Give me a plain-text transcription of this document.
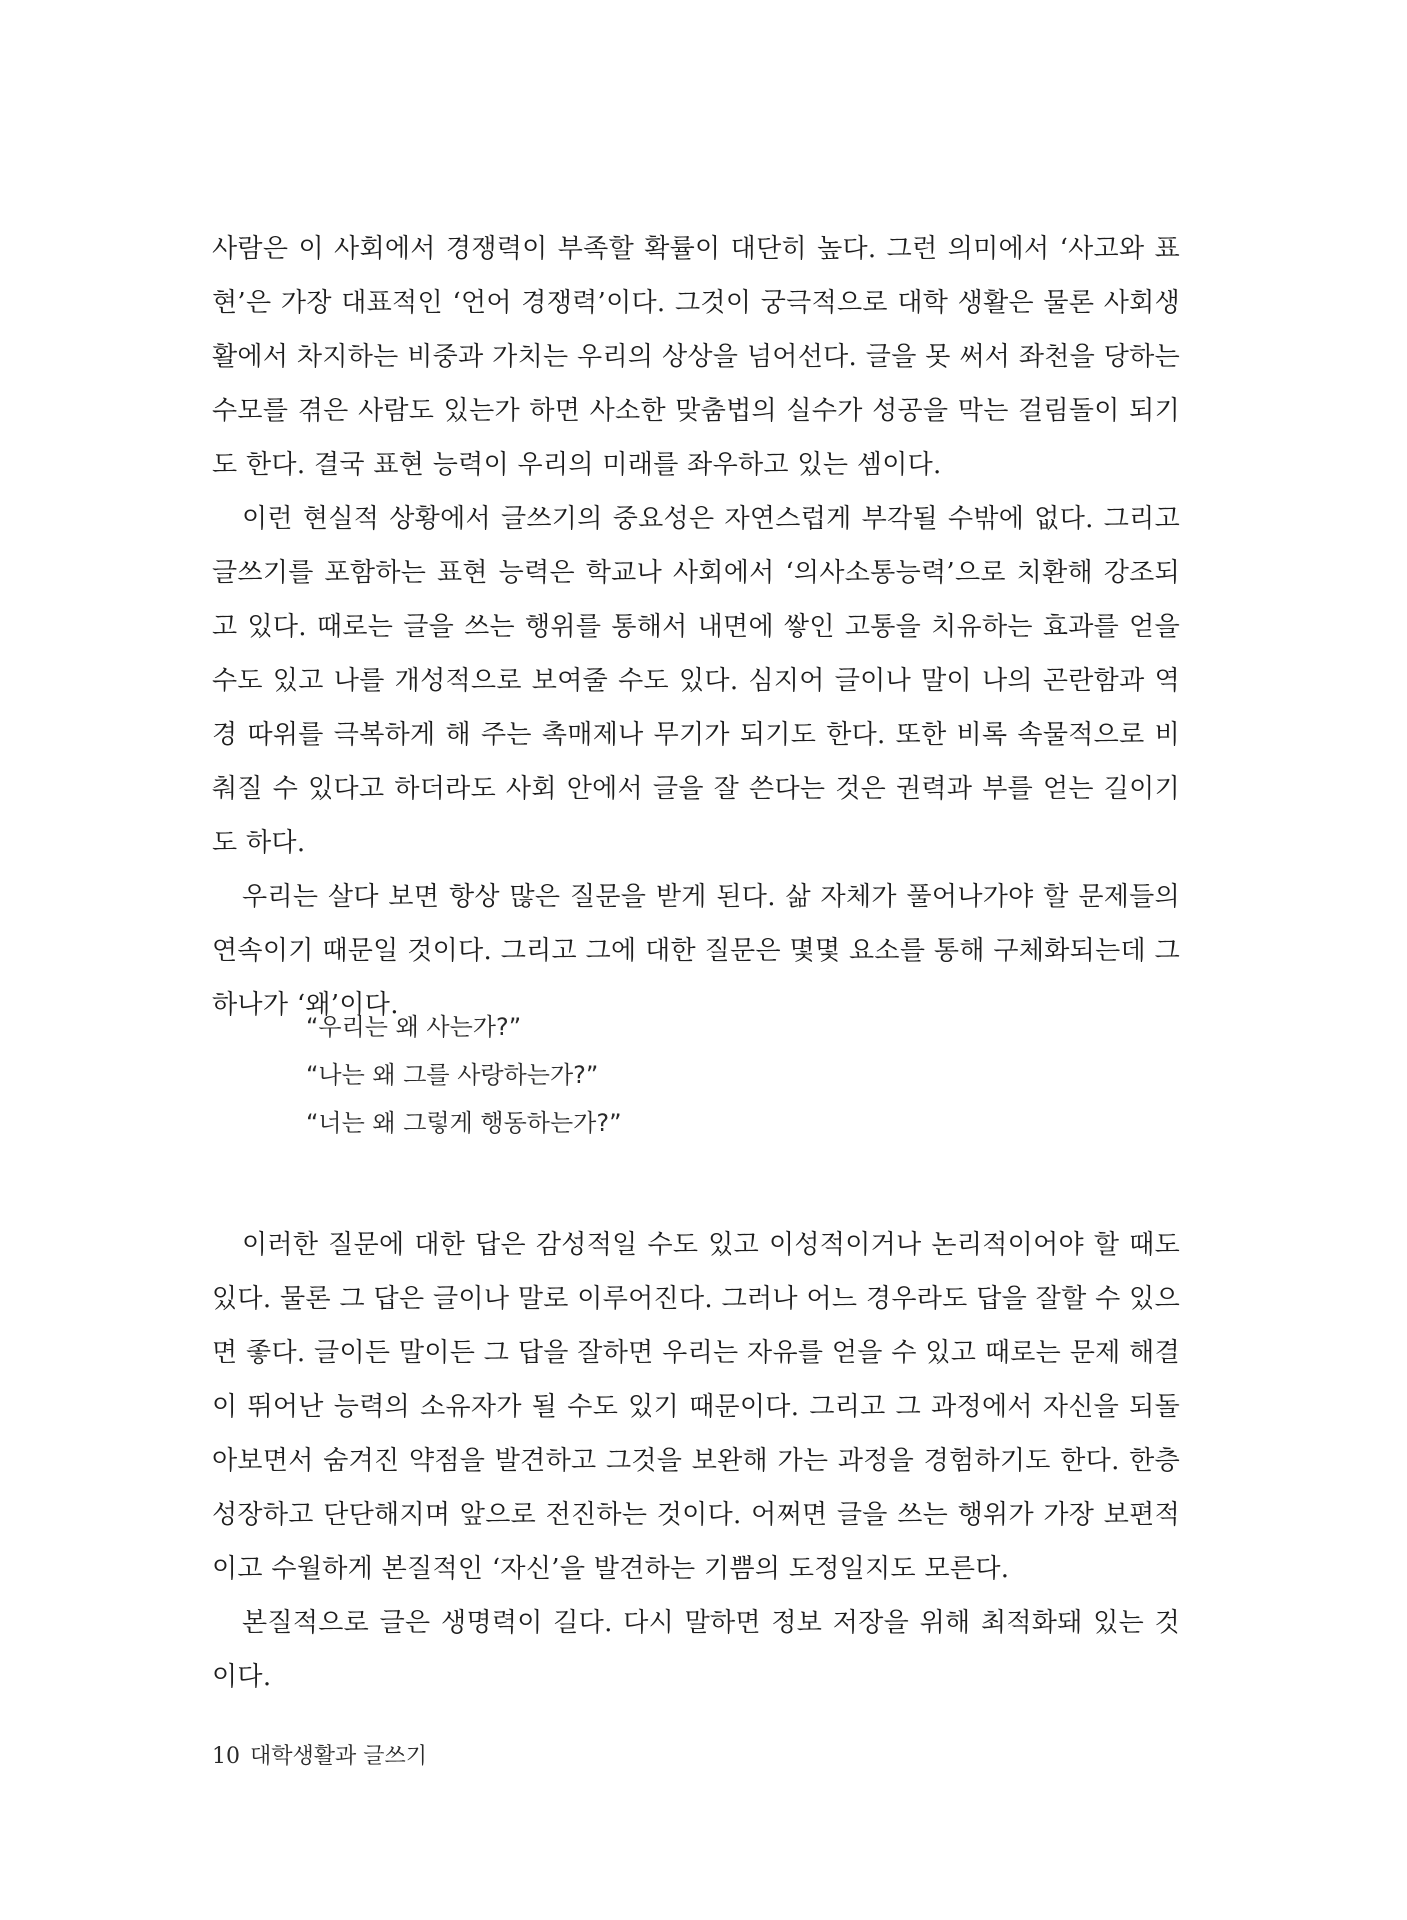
사람은 이 사회에서 경쟁력이 부족할 확률이 대단히 높다. 그런 의미에서 ‘사고와 표현’은 가장 대표적인 ‘언어 경쟁력’이다. 그것이 궁극적으로 대학 생활은 물론 사회생활에서 차지하는 비중과 가치는 우리의 상상을 넘어선다. 글을 못 써서 좌천을 당하는 수모를 겪은 사람도 있는가 하면 사소한 맞춤법의 실수가 성공을 막는 걸림돌이 되기도 한다. 결국 표현 능력이 우리의 미래를 좌우하고 있는 셈이다.

이런 현실적 상황에서 글쓰기의 중요성은 자연스럽게 부각될 수밖에 없다. 그리고 글쓰기를 포함하는 표현 능력은 학교나 사회에서 ‘의사소통능력’으로 치환해 강조되고 있다. 때로는 글을 쓰는 행위를 통해서 내면에 쌓인 고통을 치유하는 효과를 얻을 수도 있고 나를 개성적으로 보여줄 수도 있다. 심지어 글이나 말이 나의 곤란함과 역경 따위를 극복하게 해 주는 촉매제나 무기가 되기도 한다. 또한 비록 속물적으로 비춰질 수 있다고 하더라도 사회 안에서 글을 잘 쓴다는 것은 권력과 부를 얻는 길이기도 하다.

우리는 살다 보면 항상 많은 질문을 받게 된다. 삶 자체가 풀어나가야 할 문제들의 연속이기 때문일 것이다. 그리고 그에 대한 질문은 몇몇 요소를 통해 구체화되는데 그 하나가 ‘왜’이다.

“우리는 왜 사는가?”
“나는 왜 그를 사랑하는가?”
“너는 왜 그렇게 행동하는가?”

이러한 질문에 대한 답은 감성적일 수도 있고 이성적이거나 논리적이어야 할 때도 있다. 물론 그 답은 글이나 말로 이루어진다. 그러나 어느 경우라도 답을 잘할 수 있으면 좋다. 글이든 말이든 그 답을 잘하면 우리는 자유를 얻을 수 있고 때로는 문제 해결이 뛰어난 능력의 소유자가 될 수도 있기 때문이다. 그리고 그 과정에서 자신을 되돌아보면서 숨겨진 약점을 발견하고 그것을 보완해 가는 과정을 경험하기도 한다. 한층 성장하고 단단해지며 앞으로 전진하는 것이다. 어쩌면 글을 쓰는 행위가 가장 보편적이고 수월하게 본질적인 ‘자신’을 발견하는 기쁨의 도정일지도 모른다.

본질적으로 글은 생명력이 길다. 다시 말하면 정보 저장을 위해 최적화돼 있는 것이다.

10 대학생활과 글쓰기
